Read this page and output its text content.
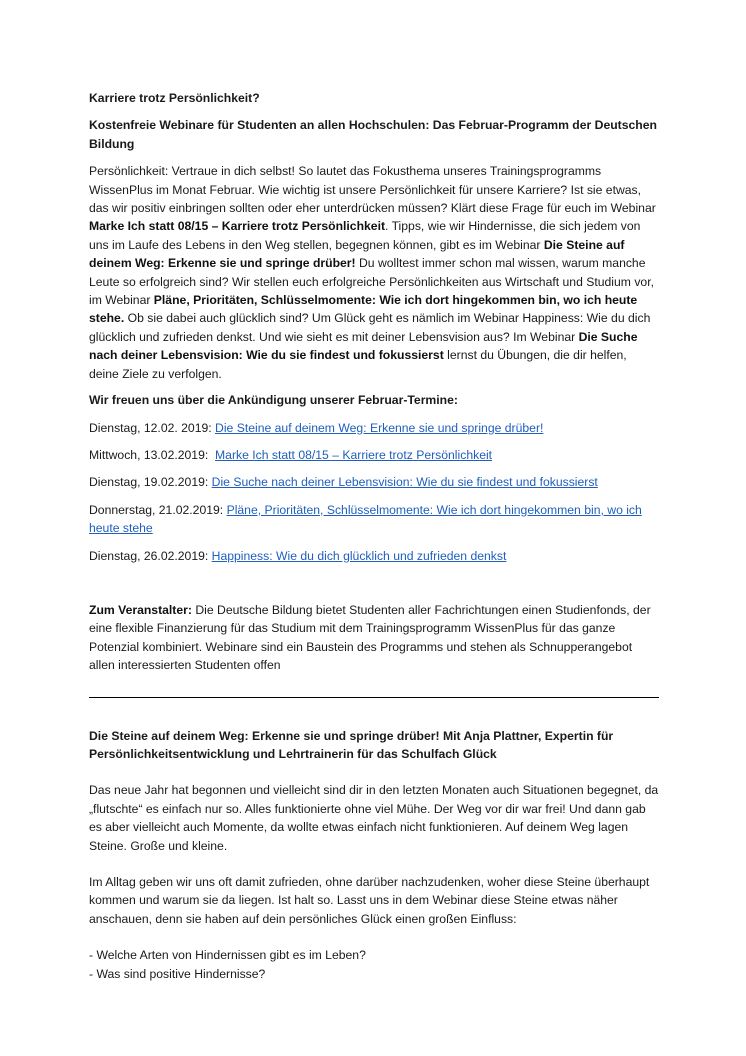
Karriere trotz Persönlichkeit?

Kostenfreie Webinare für Studenten an allen Hochschulen: Das Februar-Programm der Deutschen Bildung

Persönlichkeit: Vertraue in dich selbst! So lautet das Fokusthema unseres Trainingsprogramms WissenPlus im Monat Februar. Wie wichtig ist unsere Persönlichkeit für unsere Karriere? Ist sie etwas, das wir positiv einbringen sollten oder eher unterdrücken müssen? Klärt diese Frage für euch im Webinar Marke Ich statt 08/15 – Karriere trotz Persönlichkeit. Tipps, wie wir Hindernisse, die sich jedem von uns im Laufe des Lebens in den Weg stellen, begegnen können, gibt es im Webinar Die Steine auf deinem Weg: Erkenne sie und springe drüber! Du wolltest immer schon mal wissen, warum manche Leute so erfolgreich sind? Wir stellen euch erfolgreiche Persönlichkeiten aus Wirtschaft und Studium vor, im Webinar Pläne, Prioritäten, Schlüsselmomente: Wie ich dort hingekommen bin, wo ich heute stehe. Ob sie dabei auch glücklich sind? Um Glück geht es nämlich im Webinar Happiness: Wie du dich glücklich und zufrieden denkst. Und wie sieht es mit deiner Lebensvision aus? Im Webinar Die Suche nach deiner Lebensvision: Wie du sie findest und fokussierst lernst du Übungen, die dir helfen, deine Ziele zu verfolgen.

Wir freuen uns über die Ankündigung unserer Februar-Termine:

Dienstag, 12.02. 2019: Die Steine auf deinem Weg: Erkenne sie und springe drüber!

Mittwoch, 13.02.2019:  Marke Ich statt 08/15 – Karriere trotz Persönlichkeit

Dienstag, 19.02.2019: Die Suche nach deiner Lebensvision: Wie du sie findest und fokussierst

Donnerstag, 21.02.2019: Pläne, Prioritäten, Schlüsselmomente: Wie ich dort hingekommen bin, wo ich heute stehe

Dienstag, 26.02.2019: Happiness: Wie du dich glücklich und zufrieden denkst

Zum Veranstalter: Die Deutsche Bildung bietet Studenten aller Fachrichtungen einen Studienfonds, der eine flexible Finanzierung für das Studium mit dem Trainingsprogramm WissenPlus für das ganze Potenzial kombiniert. Webinare sind ein Baustein des Programms und stehen als Schnupperangebot allen interessierten Studenten offen

Die Steine auf deinem Weg: Erkenne sie und springe drüber! Mit Anja Plattner, Expertin für Persönlichkeitsentwicklung und Lehrtrainerin für das Schulfach Glück

Das neue Jahr hat begonnen und vielleicht sind dir in den letzten Monaten auch Situationen begegnet, da „flutschte“ es einfach nur so. Alles funktionierte ohne viel Mühe. Der Weg vor dir war frei! Und dann gab es aber vielleicht auch Momente, da wollte etwas einfach nicht funktionieren. Auf deinem Weg lagen Steine. Große und kleine.

Im Alltag geben wir uns oft damit zufrieden, ohne darüber nachzudenken, woher diese Steine überhaupt kommen und warum sie da liegen. Ist halt so. Lasst uns in dem Webinar diese Steine etwas näher anschauen, denn sie haben auf dein persönliches Glück einen großen Einfluss:

- Welche Arten von Hindernissen gibt es im Leben?

- Was sind positive Hindernisse?
